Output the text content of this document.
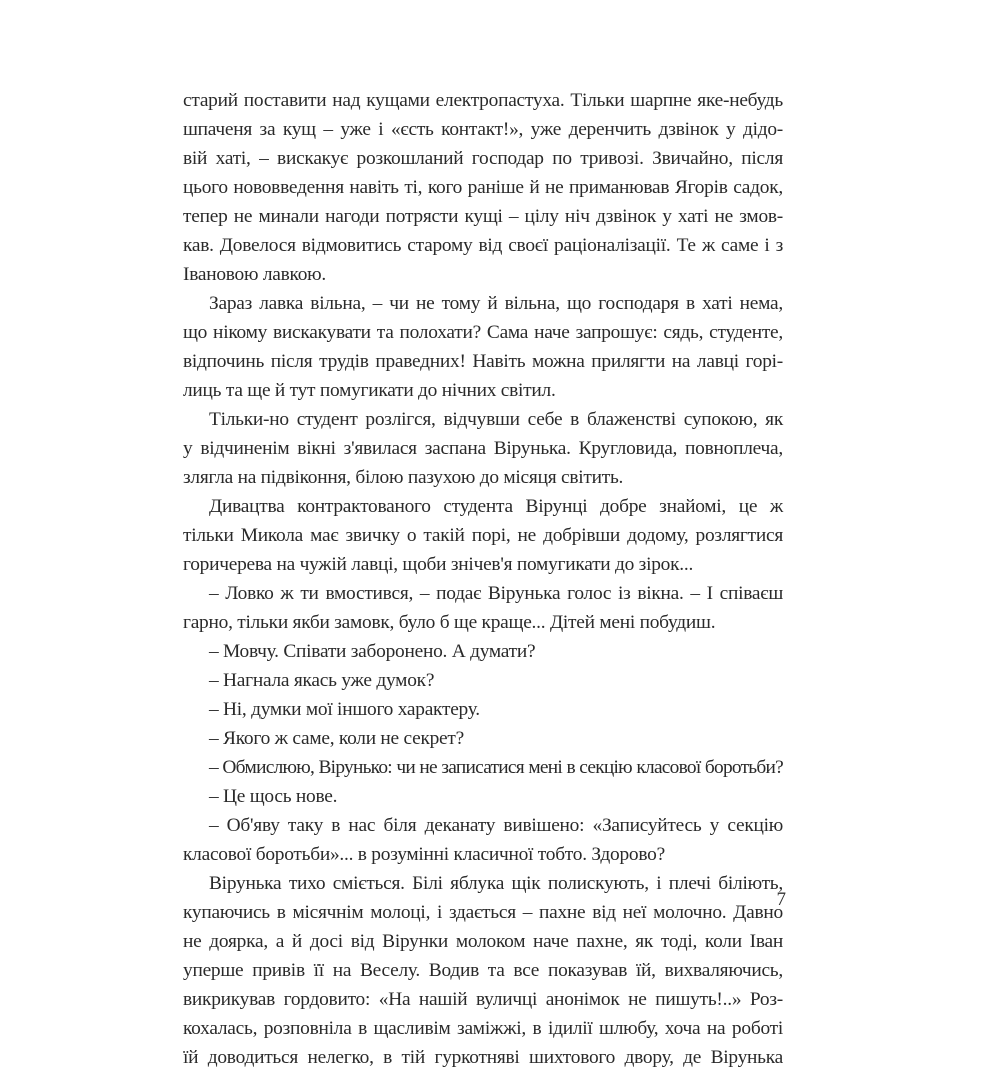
старий поставити над кущами електропастуха. Тільки шарпне яке-небудь
шпаченя за кущ – уже і «єсть контакт!», уже деренчить дзвінок у дідо-
вій хаті, – вискакує розкошланий господар по тривозі. Звичайно, після
цього нововведення навіть ті, кого раніше й не приманював Ягорів садок,
тепер не минали нагоди потрясти кущі – цілу ніч дзвінок у хаті не змов-
кав. Довелося відмовитись старому від своєї раціоналізації. Те ж саме і з
Івановою лавкою.
Зараз лавка вільна, – чи не тому й вільна, що господаря в хаті нема,
що нікому вискакувати та полохати? Сама наче запрошує: сядь, студенте,
відпочинь після трудів праведних! Навіть можна прилягти на лавці горі-
лиць та ще й тут помугикати до нічних світил.
Тільки-но студент розлігся, відчувши себе в блаженстві супокою, як
у відчиненім вікні з'явилася заспана Вірунька. Кругловида, повноплеча,
злягла на підвіконня, білою пазухою до місяця світить.
Дивацтва контрактованого студента Вірунці добре знайомі, це ж
тільки Микола має звичку о такій порі, не добрівши додому, розлягтися
горичерева на чужій лавці, щоби знічев'я помугикати до зірок...
– Ловко ж ти вмостився, – подає Вірунька голос із вікна. – І співаєш
гарно, тільки якби замовк, було б ще краще... Дітей мені побудиш.
– Мовчу. Співати заборонено. А думати?
– Нагнала якась уже думок?
– Ні, думки мої іншого характеру.
– Якого ж саме, коли не секрет?
– Обмислюю, Вірунько: чи не записатися мені в секцію класової боротьби?
– Це щось нове.
– Об'яву таку в нас біля деканату вивішено: «Записуйтесь у секцію
класової боротьби»... в розумінні класичної тобто. Здорово?
Вірунька тихо сміється. Білі яблука щік полискують, і плечі біліють,
купаючись в місячнім молоці, і здається – пахне від неї молочно. Давно
не доярка, а й досі від Вірунки молоком наче пахне, як тоді, коли Іван
уперше привів її на Веселу. Водив та все показував їй, вихваляючись,
викрикував гордовито: «На нашій вуличці анонімок не пишуть!..» Роз-
кохалась, розповніла в щасливім заміжжі, в ідилії шлюбу, хоча на роботі
їй доводиться нелегко, в тій гуркотняві шихтового двору, де Вірунька
7
